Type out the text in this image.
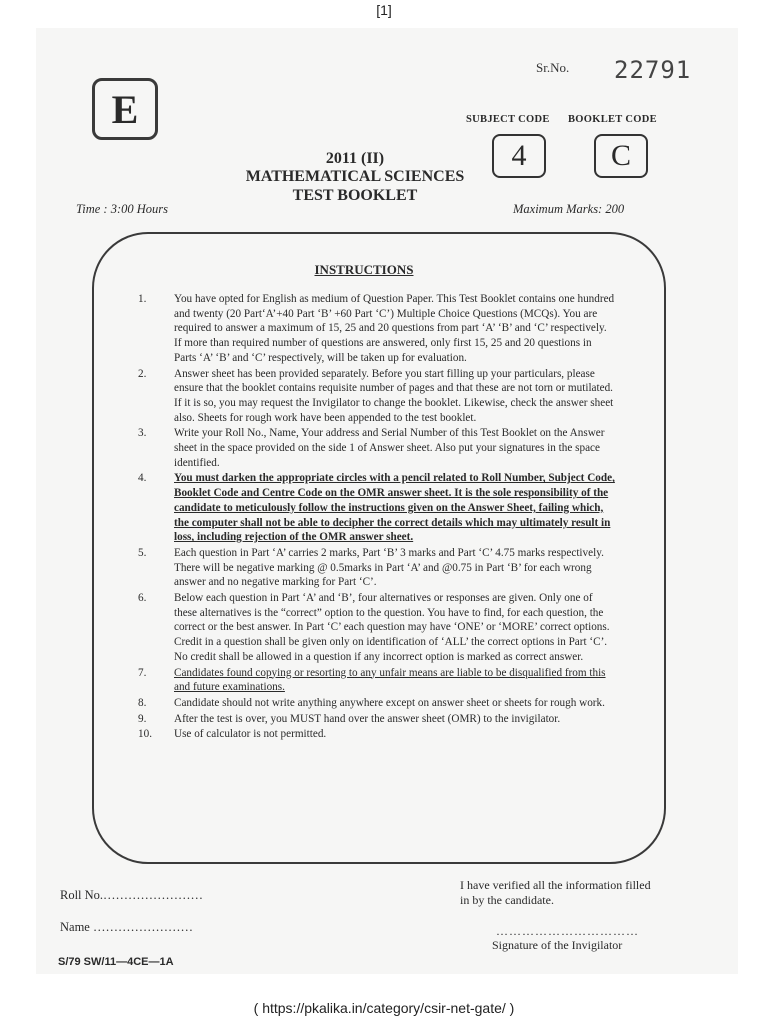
[1]
E
Sr.No. 22791
SUBJECT CODE BOOKLET CODE
4	C
2011 (II)
MATHEMATICAL SCIENCES
TEST BOOKLET
Time : 3:00 Hours	Maximum Marks: 200
INSTRUCTIONS
1. You have opted for English as medium of Question Paper. This Test Booklet contains one hundred and twenty (20 Part‘A’+40 Part ‘B’ +60 Part ‘C’) Multiple Choice Questions (MCQs). You are required to answer a maximum of 15, 25 and 20 questions from part ‘A’ ‘B’ and ‘C’ respectively. If more than required number of questions are answered, only first 15, 25 and 20 questions in Parts ‘A’ ‘B’ and ‘C’ respectively, will be taken up for evaluation.
2. Answer sheet has been provided separately. Before you start filling up your particulars, please ensure that the booklet contains requisite number of pages and that these are not torn or mutilated. If it is so, you may request the Invigilator to change the booklet. Likewise, check the answer sheet also. Sheets for rough work have been appended to the test booklet.
3. Write your Roll No., Name, Your address and Serial Number of this Test Booklet on the Answer sheet in the space provided on the side 1 of Answer sheet. Also put your signatures in the space identified.
4. You must darken the appropriate circles with a pencil related to Roll Number, Subject Code, Booklet Code and Centre Code on the OMR answer sheet. It is the sole responsibility of the candidate to meticulously follow the instructions given on the Answer Sheet, failing which, the computer shall not be able to decipher the correct details which may ultimately result in loss, including rejection of the OMR answer sheet.
5. Each question in Part ‘A’ carries 2 marks, Part ‘B’ 3 marks and Part ‘C’ 4.75 marks respectively. There will be negative marking @ 0.5marks in Part ‘A’ and @0.75 in Part ‘B’ for each wrong answer and no negative marking for Part ‘C’.
6. Below each question in Part ‘A’ and ‘B’, four alternatives or responses are given. Only one of these alternatives is the “correct” option to the question. You have to find, for each question, the correct or the best answer. In Part ‘C’ each question may have ‘ONE’ or ‘MORE’ correct options. Credit in a question shall be given only on identification of ‘ALL’ the correct options in Part ‘C’. No credit shall be allowed in a question if any incorrect option is marked as correct answer.
7. Candidates found copying or resorting to any unfair means are liable to be disqualified from this and future examinations.
8. Candidate should not write anything anywhere except on answer sheet or sheets for rough work.
9. After the test is over, you MUST hand over the answer sheet (OMR) to the invigilator.
10. Use of calculator is not permitted.
Roll No.……………………
Name ……………………
I have verified all the information filled in by the candidate.
……………………………
Signature of the Invigilator
S/79 SW/11—4CE—1A
( https://pkalika.in/category/csir-net-gate/ )
